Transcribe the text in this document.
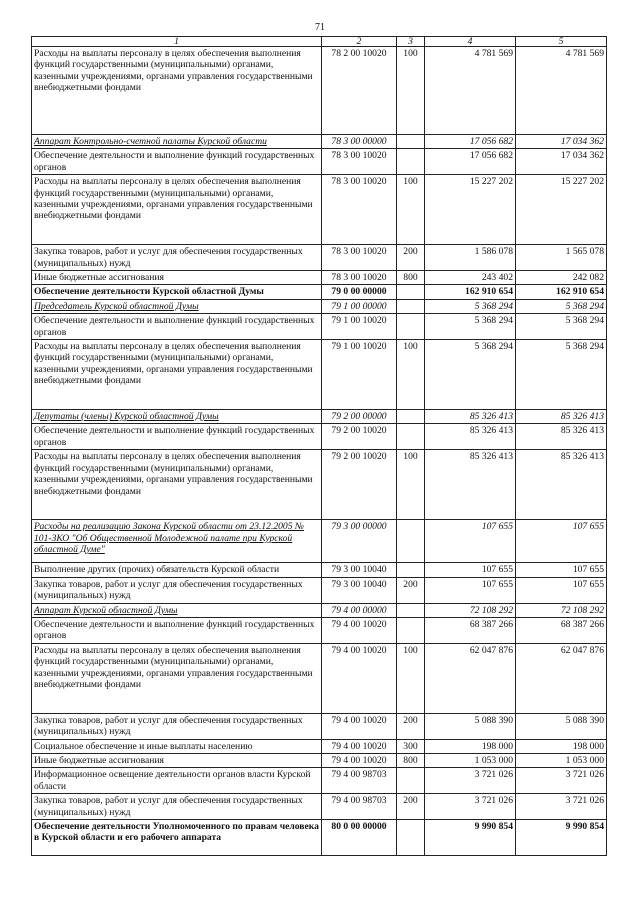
71
1	2	3	4	5
Расходы на выплаты персоналу в целях обеспечения выполнения функций государственными (муниципальными) органами, казенными учреждениями, органами управления государственными внебюджетными фондами	78 2 00 10020	100	4 781 569	4 781 569
Аппарат Контрольно-счетной палаты Курской области	78 3 00 00000		17 056 682	17 034 362
Обеспечение деятельности и выполнение функций государственных органов	78 3 00 10020		17 056 682	17 034 362
Расходы на выплаты персоналу в целях обеспечения выполнения функций государственными (муниципальными) органами, казенными учреждениями, органами управления государственными внебюджетными фондами	78 3 00 10020	100	15 227 202	15 227 202
Закупка товаров, работ и услуг для обеспечения государственных (муниципальных) нужд	78 3 00 10020	200	1 586 078	1 565 078
Иные бюджетные ассигнования	78 3 00 10020	800	243 402	242 082
Обеспечение деятельности Курской областной Думы	79 0 00 00000		162 910 654	162 910 654
Председатель Курской областной Думы	79 1 00 00000		5 368 294	5 368 294
Обеспечение деятельности и выполнение функций государственных органов	79 1 00 10020		5 368 294	5 368 294
Расходы на выплаты персоналу в целях обеспечения выполнения функций государственными (муниципальными) органами, казенными учреждениями, органами управления государственными внебюджетными фондами	79 1 00 10020	100	5 368 294	5 368 294
Депутаты (члены) Курской областной Думы	79 2 00 00000		85 326 413	85 326 413
Обеспечение деятельности и выполнение функций государственных органов	79 2 00 10020		85 326 413	85 326 413
Расходы на выплаты персоналу в целях обеспечения выполнения функций государственными (муниципальными) органами, казенными учреждениями, органами управления государственными внебюджетными фондами	79 2 00 10020	100	85 326 413	85 326 413
Расходы на реализацию Закона Курской области от 23.12.2005 № 101-ЗКО "Об Общественной Молодежной палате при Курской областной Думе"	79 3 00 00000		107 655	107 655
Выполнение других (прочих) обязательств Курской области	79 3 00 10040		107 655	107 655
Закупка товаров, работ и услуг для обеспечения государственных (муниципальных) нужд	79 3 00 10040	200	107 655	107 655
Аппарат Курской областной Думы	79 4 00 00000		72 108 292	72 108 292
Обеспечение деятельности и выполнение функций государственных органов	79 4 00 10020		68 387 266	68 387 266
Расходы на выплаты персоналу в целях обеспечения выполнения функций государственными (муниципальными) органами, казенными учреждениями, органами управления государственными внебюджетными фондами	79 4 00 10020	100	62 047 876	62 047 876
Закупка товаров, работ и услуг для обеспечения государственных (муниципальных) нужд	79 4 00 10020	200	5 088 390	5 088 390
Социальное обеспечение и иные выплаты населению	79 4 00 10020	300	198 000	198 000
Иные бюджетные ассигнования	79 4 00 10020	800	1 053 000	1 053 000
Информационное освещение деятельности органов власти Курской области	79 4 00 98703		3 721 026	3 721 026
Закупка товаров, работ и услуг для обеспечения государственных (муниципальных) нужд	79 4 00 98703	200	3 721 026	3 721 026
Обеспечение деятельности Уполномоченного по правам человека в Курской области и его рабочего аппарата	80 0 00 00000		9 990 854	9 990 854
